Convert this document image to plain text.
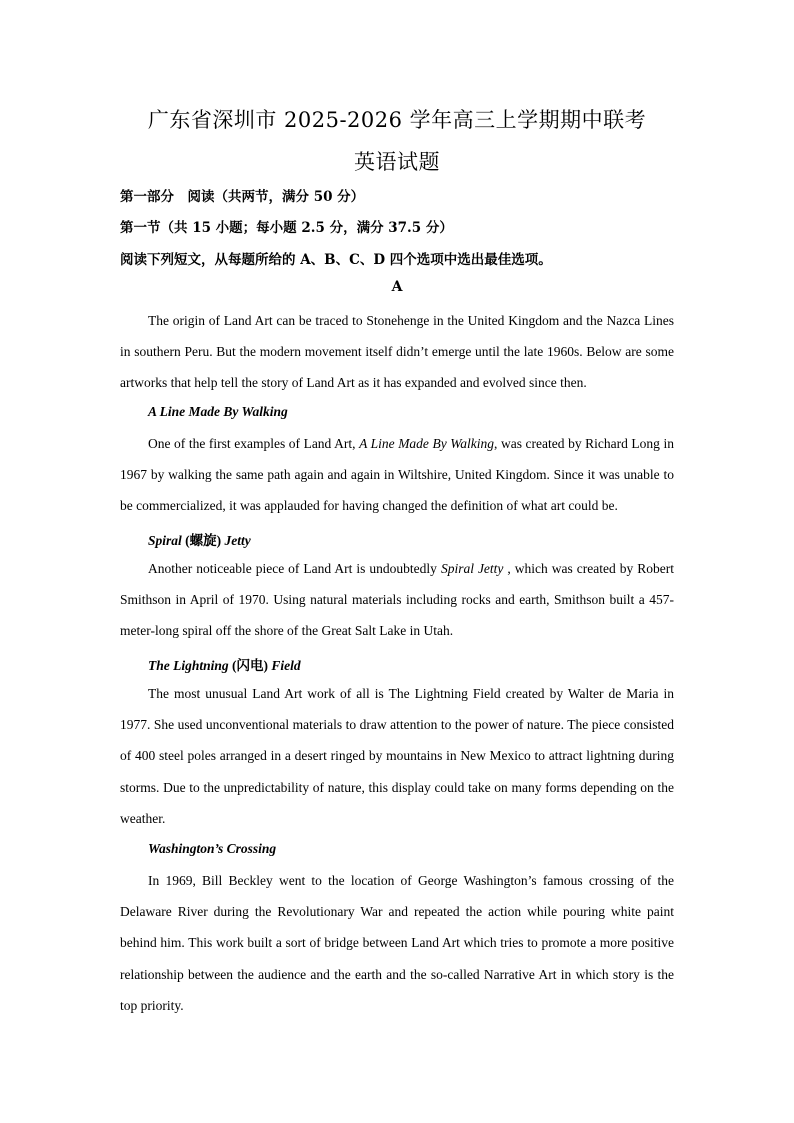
广东省深圳市 2025-2026 学年高三上学期期中联考
英语试题
第一部分　阅读（共两节，满分 50 分）
第一节（共 15 小题；每小题 2.5 分，满分 37.5 分）
阅读下列短文，从每题所给的 A、B、C、D 四个选项中选出最佳选项。
A

The origin of Land Art can be traced to Stonehenge in the United Kingdom and the Nazca Lines in southern Peru. But the modern movement itself didn’t emerge until the late 1960s. Below are some artworks that help tell the story of Land Art as it has expanded and evolved since then.

A Line Made By Walking

One of the first examples of Land Art, A Line Made By Walking, was created by Richard Long in 1967 by walking the same path again and again in Wiltshire, United Kingdom. Since it was unable to be commercialized, it was applauded for having changed the definition of what art could be.

Spiral (螺旋) Jetty

Another noticeable piece of Land Art is undoubtedly Spiral Jetty , which was created by Robert Smithson in April of 1970. Using natural materials including rocks and earth, Smithson built a 457-meter-long spiral off the shore of the Great Salt Lake in Utah.

The Lightning (闪电) Field

The most unusual Land Art work of all is The Lightning Field created by Walter de Maria in 1977. She used unconventional materials to draw attention to the power of nature. The piece consisted of 400 steel poles arranged in a desert ringed by mountains in New Mexico to attract lightning during storms. Due to the unpredictability of nature, this display could take on many forms depending on the weather.

Washington’s Crossing

In 1969, Bill Beckley went to the location of George Washington’s famous crossing of the Delaware River during the Revolutionary War and repeated the action while pouring white paint behind him. This work built a sort of bridge between Land Art which tries to promote a more positive relationship between the audience and the earth and the so-called Narrative Art in which story is the top priority.
